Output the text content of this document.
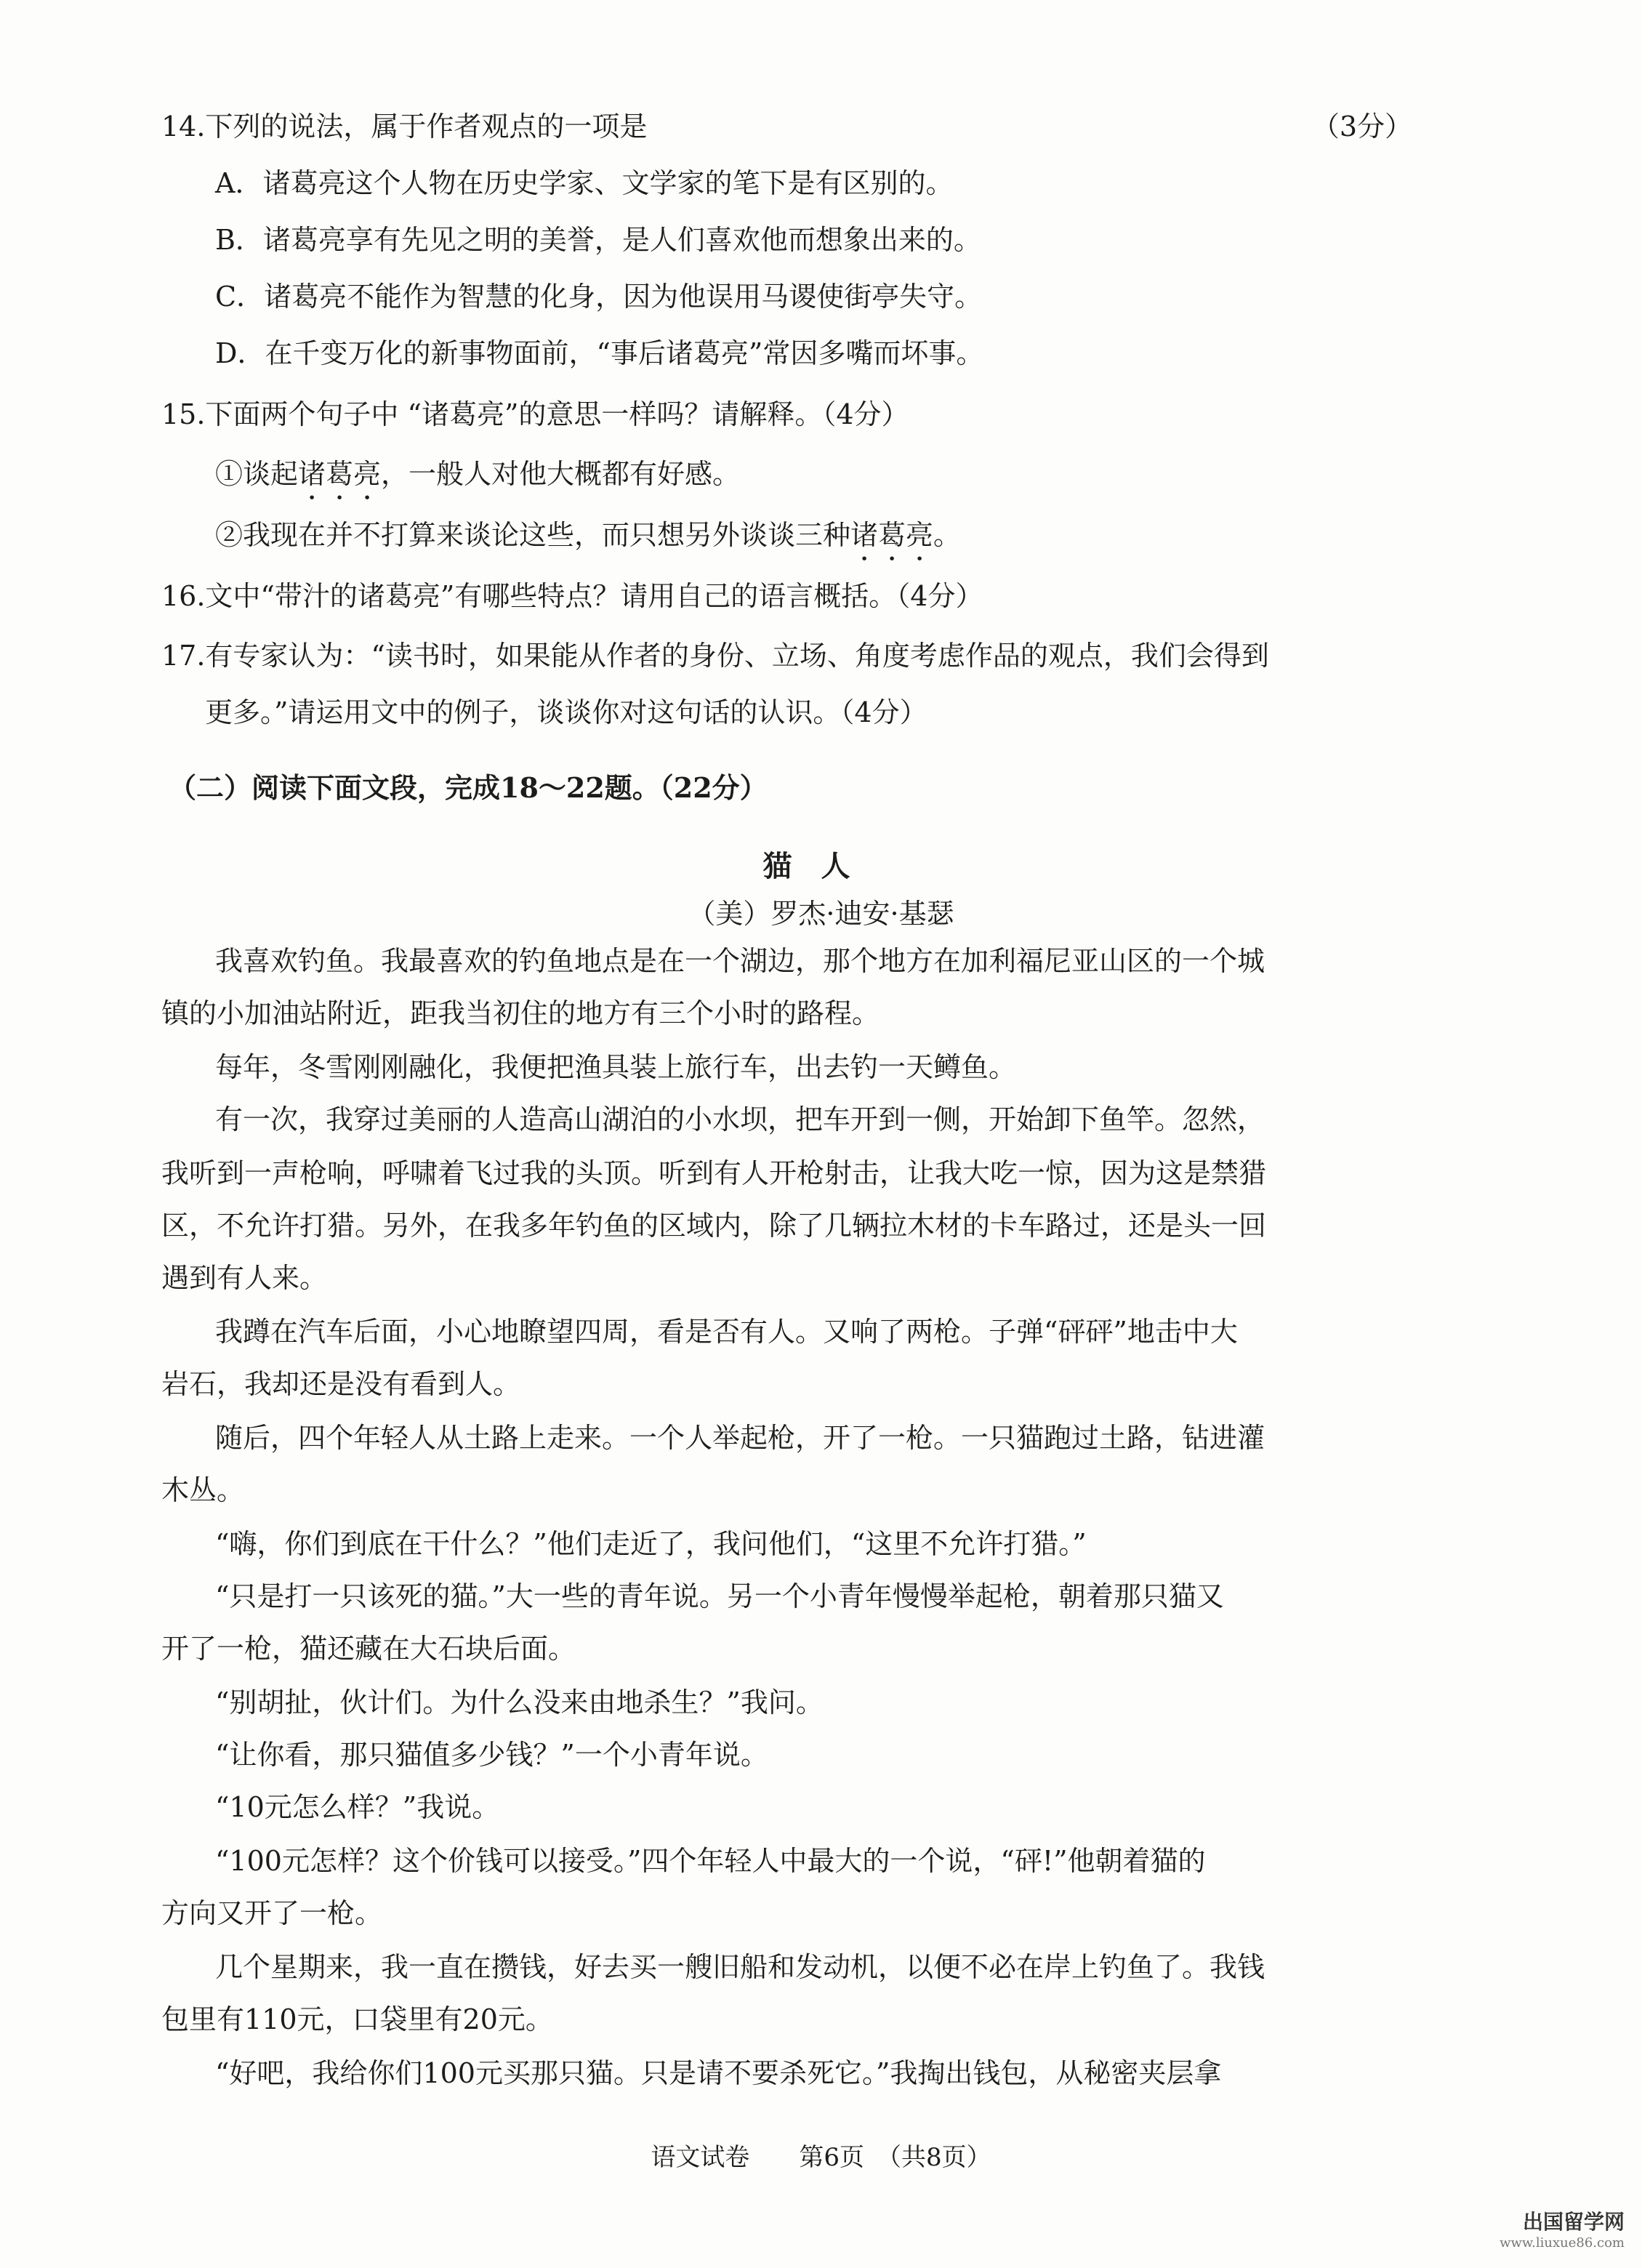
14.下列的说法，属于作者观点的一项是	（3分）
A．诸葛亮这个人物在历史学家、文学家的笔下是有区别的。
B．诸葛亮享有先见之明的美誉，是人们喜欢他而想象出来的。
C．诸葛亮不能作为智慧的化身，因为他误用马谡使街亭失守。
D．在千变万化的新事物面前，“事后诸葛亮”常因多嘴而坏事。
15.下面两个句子中 “诸葛亮”的意思一样吗？请解释。（4分）
①谈起诸葛亮，一般人对他大概都有好感。
②我现在并不打算来谈论这些，而只想另外谈谈三种诸葛亮。
16.文中“带汁的诸葛亮”有哪些特点？请用自己的语言概括。（4分）
17.有专家认为：“读书时，如果能从作者的身份、立场、角度考虑作品的观点，我们会得到
更多。”请运用文中的例子，谈谈你对这句话的认识。（4分）
（二）阅读下面文段，完成18～22题。（22分）
猫人
（美）罗杰·迪安·基瑟
我喜欢钓鱼。我最喜欢的钓鱼地点是在一个湖边，那个地方在加利福尼亚山区的一个城
镇的小加油站附近，距我当初住的地方有三个小时的路程。
每年，冬雪刚刚融化，我便把渔具装上旅行车，出去钓一天鳟鱼。
有一次，我穿过美丽的人造高山湖泊的小水坝，把车开到一侧，开始卸下鱼竿。忽然，
我听到一声枪响，呼啸着飞过我的头顶。听到有人开枪射击，让我大吃一惊，因为这是禁猎
区，不允许打猎。另外，在我多年钓鱼的区域内，除了几辆拉木材的卡车路过，还是头一回
遇到有人来。
我蹲在汽车后面，小心地瞭望四周，看是否有人。又响了两枪。子弹“砰砰”地击中大
岩石，我却还是没有看到人。
随后，四个年轻人从土路上走来。一个人举起枪，开了一枪。一只猫跑过土路，钻进灌
木丛。
“嗨，你们到底在干什么？”他们走近了，我问他们，“这里不允许打猎。”
“只是打一只该死的猫。”大一些的青年说。另一个小青年慢慢举起枪，朝着那只猫又
开了一枪，猫还藏在大石块后面。
“别胡扯，伙计们。为什么没来由地杀生？”我问。
“让你看，那只猫值多少钱？”一个小青年说。
“10元怎么样？”我说。
“100元怎样？这个价钱可以接受。”四个年轻人中最大的一个说，“砰!”他朝着猫的
方向又开了一枪。
几个星期来，我一直在攒钱，好去买一艘旧船和发动机，以便不必在岸上钓鱼了。我钱
包里有110元，口袋里有20元。
“好吧，我给你们100元买那只猫。只是请不要杀死它。”我掏出钱包，从秘密夹层拿
语文试卷　　第6页　（共8页）
出国留学网
www.liuxue86.com
